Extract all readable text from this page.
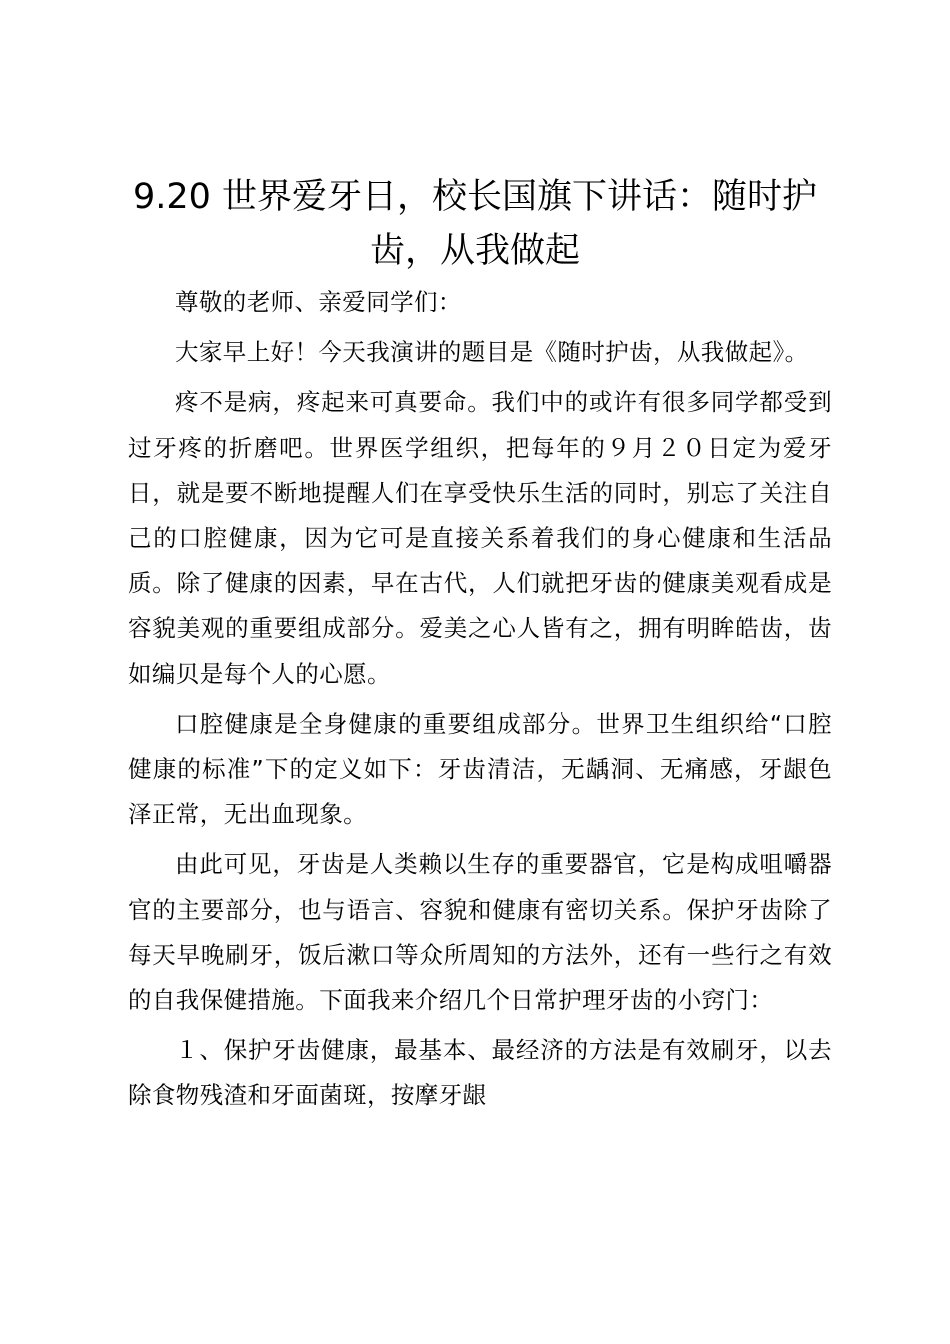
9.20 世界爱牙日，校长国旗下讲话：随时护齿，从我做起

尊敬的老师、亲爱同学们：

大家早上好！今天我演讲的题目是《随时护齿，从我做起》。

疼不是病，疼起来可真要命。我们中的或许有很多同学都受到过牙疼的折磨吧。世界医学组织，把每年的９月２０日定为爱牙日，就是要不断地提醒人们在享受快乐生活的同时，别忘了关注自己的口腔健康，因为它可是直接关系着我们的身心健康和生活品质。除了健康的因素，早在古代，人们就把牙齿的健康美观看成是容貌美观的重要组成部分。爱美之心人皆有之，拥有明眸皓齿，齿如编贝是每个人的心愿。

口腔健康是全身健康的重要组成部分。世界卫生组织给“口腔健康的标准”下的定义如下：牙齿清洁，无龋洞、无痛感，牙龈色泽正常，无出血现象。

由此可见，牙齿是人类赖以生存的重要器官，它是构成咀嚼器官的主要部分，也与语言、容貌和健康有密切关系。保护牙齿除了每天早晚刷牙，饭后漱口等众所周知的方法外，还有一些行之有效的自我保健措施。下面我来介绍几个日常护理牙齿的小窍门：

１、保护牙齿健康，最基本、最经济的方法是有效刷牙，以去除食物残渣和牙面菌斑，按摩牙龈
